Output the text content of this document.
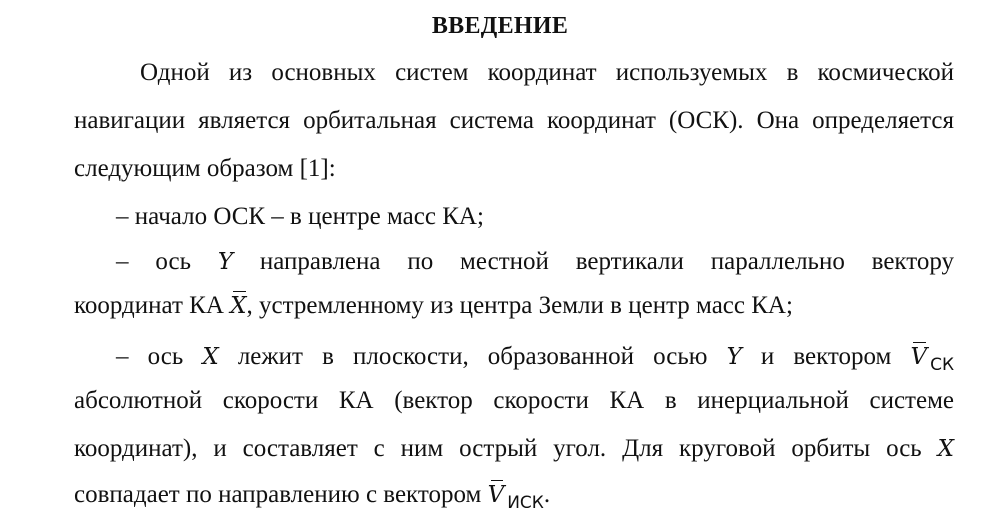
ВВЕДЕНИЕ
Одной из основных систем координат используемых в космической
навигации является орбитальная система координат (ОСК). Она определяется
следующим образом [1]:
– начало ОСК – в центре масс КА;
– ось Y направлена по местной вертикали параллельно вектору
координат КА X, устремленному из центра Земли в центр масс КА;
– ось X лежит в плоскости, образованной осью Y и вектором V $_{СК}$
абсолютной скорости КА (вектор скорости КА в инерциальной системе
координат), и составляет с ним острый угол. Для круговой орбиты ось X
совпадает по направлению с вектором V $_{ИСК}$.
